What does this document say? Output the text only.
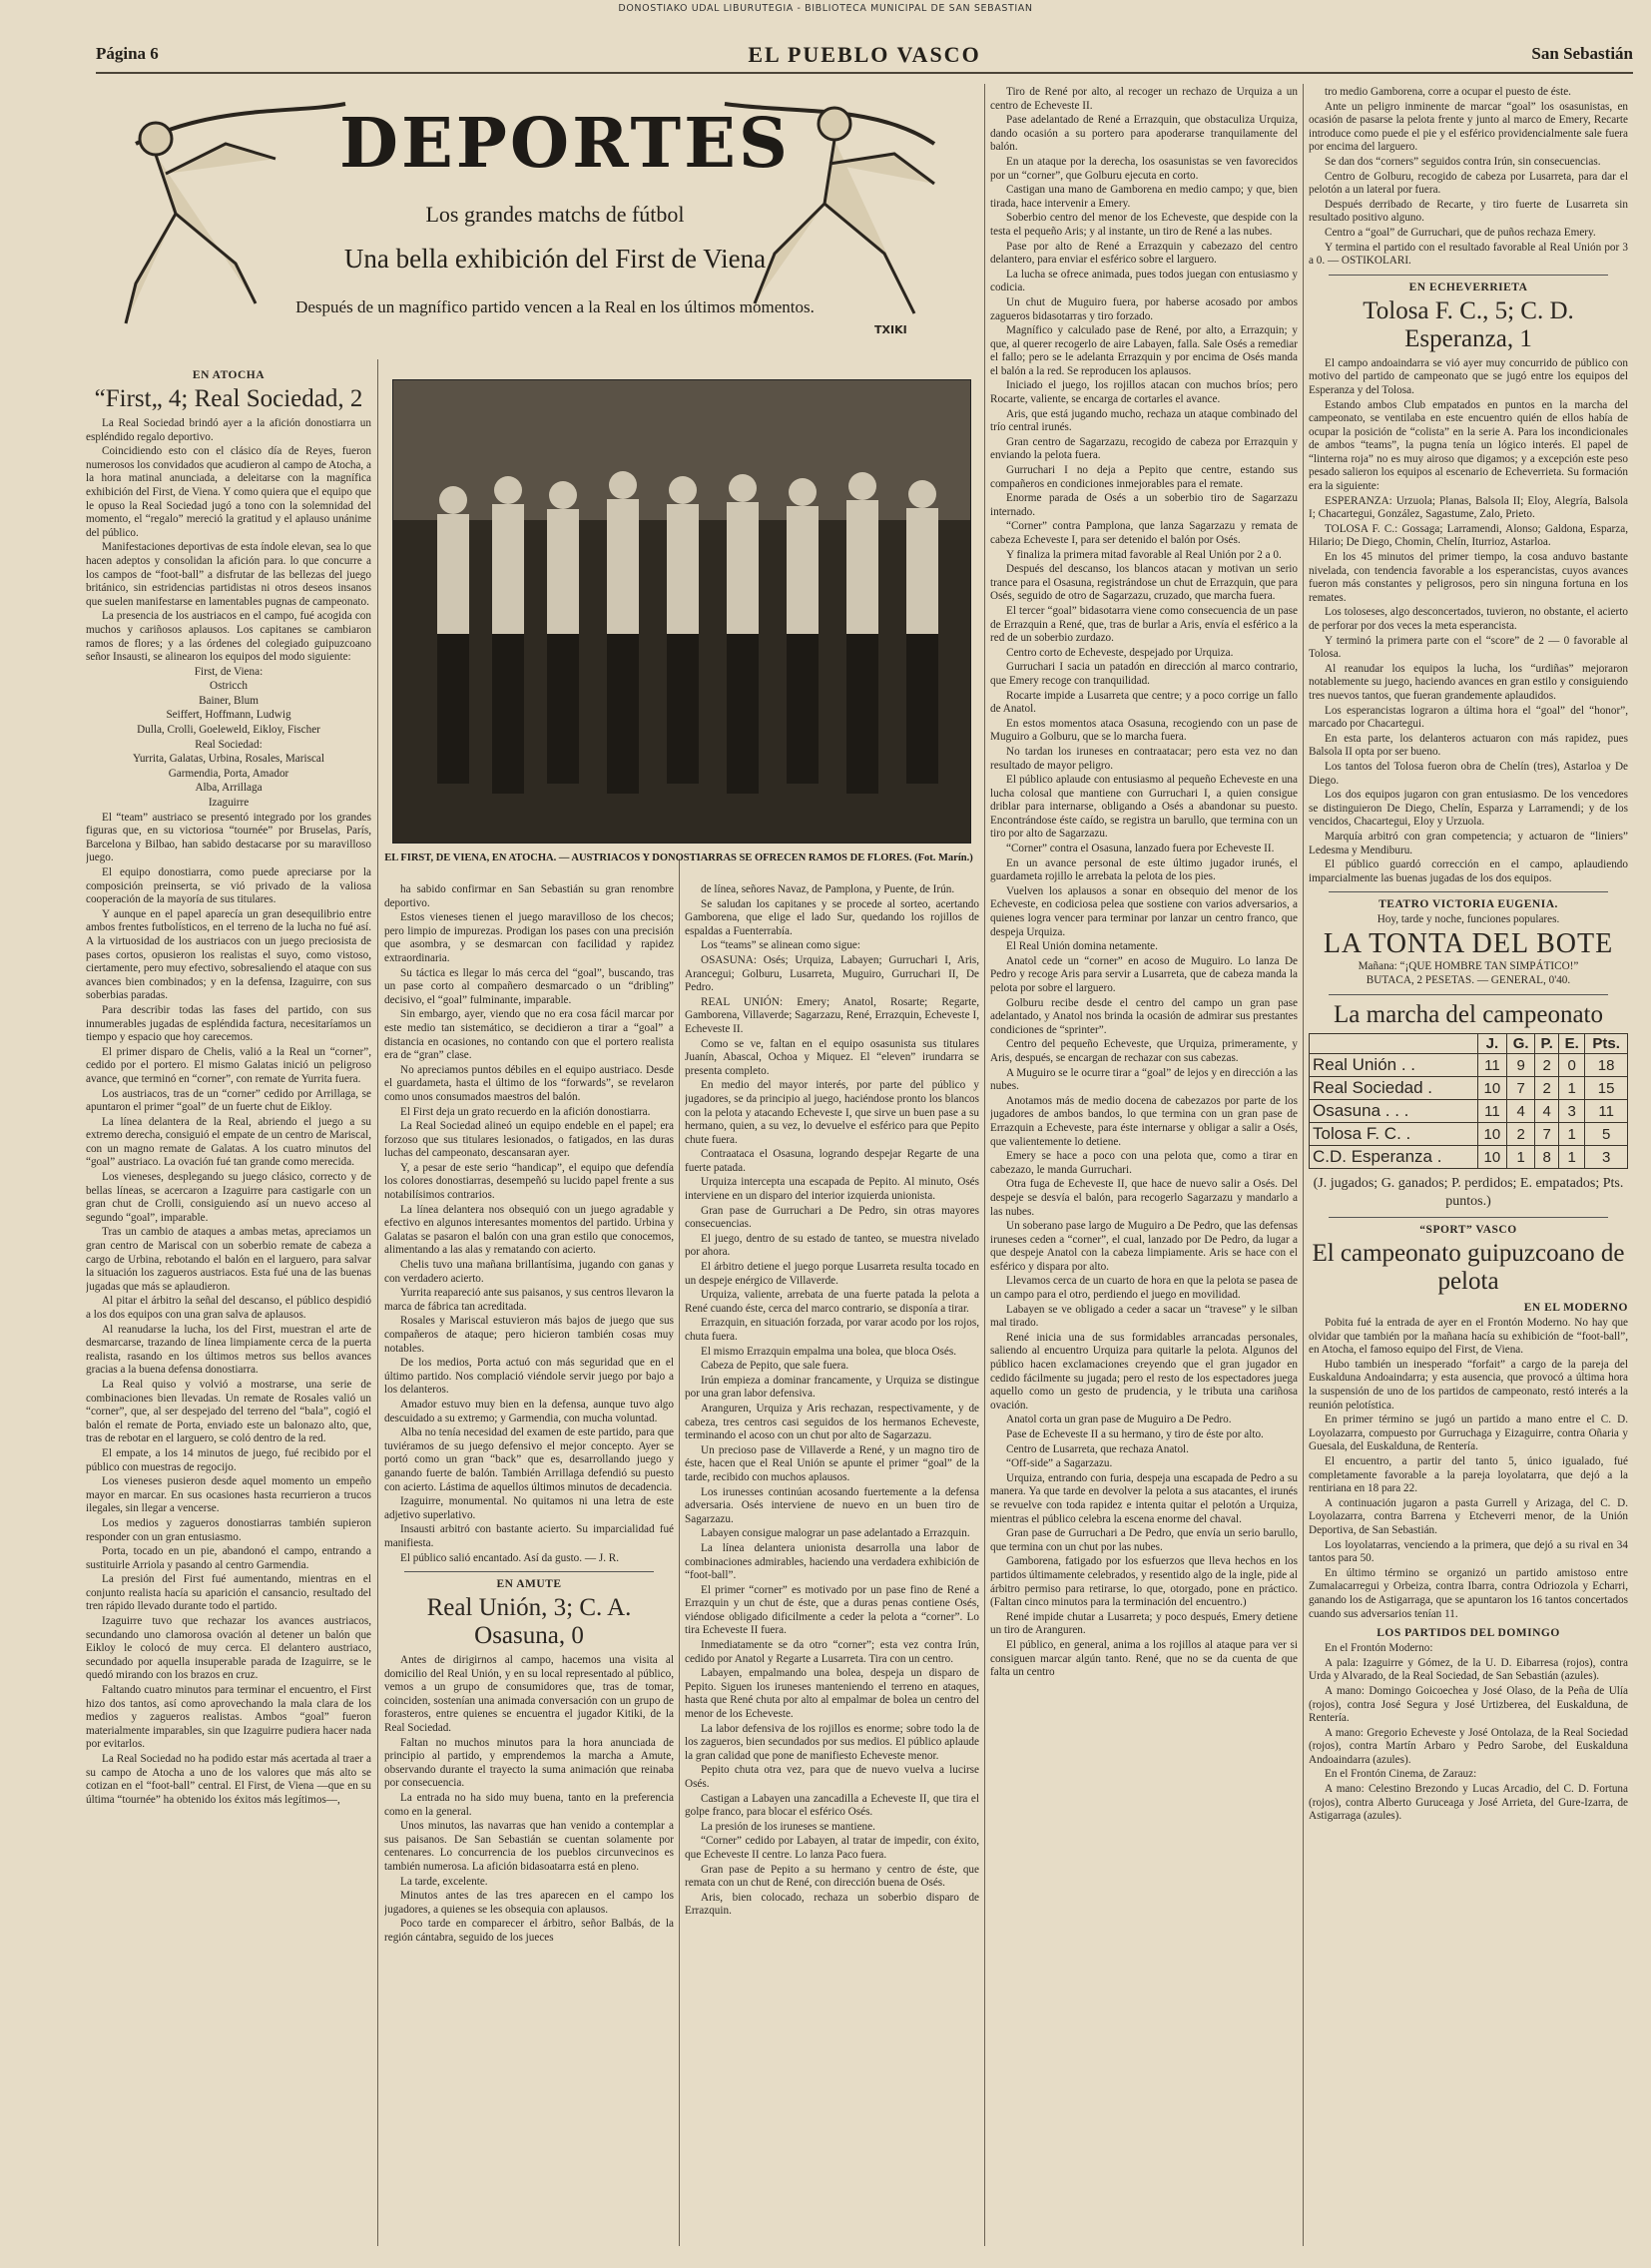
DONOSTIAKO UDAL LIBURUTEGIA - BIBLIOTECA MUNICIPAL DE SAN SEBASTIAN
Página 6	EL PUEBLO VASCO	San Sebastián
TXIKI
DEPORTES
Los grandes matchs de fútbol
Una bella exhibición del First de Viena
Después de un magnífico partido vencen a la Real en los últimos momentos.
EN ATOCHA
“First„ 4; Real Sociedad, 2

La Real Sociedad brindó ayer a la afición donostiarra un espléndido regalo deportivo.

Coincidiendo esto con el clásico día de Reyes, fueron numerosos los convidados que acudieron al campo de Atocha, a la hora matinal anunciada, a deleitarse con la magnífica exhibición del First, de Viena. Y como quiera que el equipo que le opuso la Real Sociedad jugó a tono con la solemnidad del momento, el “regalo” mereció la gratitud y el aplauso unánime del público.

Manifestaciones deportivas de esta índole elevan, sea lo que hacen adeptos y consolidan la afición para. lo que concurre a los campos de “foot-ball” a disfrutar de las bellezas del juego británico, sin estridencias partidistas ni otros deseos insanos que suelen manifestarse en lamentables pugnas de campeonato.

La presencia de los austriacos en el campo, fué acogida con muchos y cariñosos aplausos. Los capitanes se cambiaron ramos de flores; y a las órdenes del colegiado guipuzcoano señor Insausti, se alinearon los equipos del modo siguiente:

First, de Viena:

Ostricch

Bainer, Blum

Seiffert, Hoffmann, Ludwig

Dulla, Crolli, Goeleweld, Eikloy, Fischer

Real Sociedad:

Yurrita, Galatas, Urbina, Rosales, Mariscal

Garmendia, Porta, Amador

Alba, Arrillaga

Izaguirre

El “team” austriaco se presentó integrado por los grandes figuras que, en su victoriosa “tournée” por Bruselas, París, Barcelona y Bilbao, han sabido destacarse por su maravilloso juego.

El equipo donostiarra, como puede apreciarse por la composición preinserta, se vió privado de la valiosa cooperación de la mayoría de sus titulares.

Y aunque en el papel aparecía un gran desequilibrio entre ambos frentes futbolísticos, en el terreno de la lucha no fué así. A la virtuosidad de los austriacos con un juego preciosista de pases cortos, opusieron los realistas el suyo, como vistoso, ciertamente, pero muy efectivo, sobresaliendo el ataque con sus avances bien combinados; y en la defensa, Izaguirre, con sus soberbias paradas.

Para describir todas las fases del partido, con sus innumerables jugadas de espléndida factura, necesitaríamos un tiempo y espacio que hoy carecemos.

El primer disparo de Chelis, valió a la Real un “corner”, cedido por el portero. El mismo Galatas inició un peligroso avance, que terminó en “corner”, con remate de Yurrita fuera.

Los austriacos, tras de un “corner” cedido por Arrillaga, se apuntaron el primer “goal” de un fuerte chut de Eikloy.

La línea delantera de la Real, abriendo el juego a su extremo derecha, consiguió el empate de un centro de Mariscal, con un magno remate de Galatas. A los cuatro minutos del “goal” austriaco. La ovación fué tan grande como merecida.

Los vieneses, desplegando su juego clásico, correcto y de bellas líneas, se acercaron a Izaguirre para castigarle con un gran chut de Crolli, consiguiendo así un nuevo acceso al segundo “goal”, imparable.

Tras un cambio de ataques a ambas metas, apreciamos un gran centro de Mariscal con un soberbio remate de cabeza a cargo de Urbina, rebotando el balón en el larguero, para salvar la situación los zagueros austriacos. Esta fué una de las buenas jugadas que más se aplaudieron.

Al pitar el árbitro la señal del descanso, el público despidió a los dos equipos con una gran salva de aplausos.

Al reanudarse la lucha, los del First, muestran el arte de desmarcarse, trazando de línea limpiamente cerca de la puerta realista, rasando en los últimos metros sus bellos avances gracias a la buena defensa donostiarra.

La Real quiso y volvió a mostrarse, una serie de combinaciones bien llevadas. Un remate de Rosales valió un “corner”, que, al ser despejado del terreno del “bala”, cogió el balón el remate de Porta, enviado este un balonazo alto, que, tras de rebotar en el larguero, se coló dentro de la red.

El empate, a los 14 minutos de juego, fué recibido por el público con muestras de regocijo.

Los vieneses pusieron desde aquel momento un empeño mayor en marcar. En sus ocasiones hasta recurrieron a trucos ilegales, sin llegar a vencerse.

Los medios y zagueros donostiarras también supieron responder con un gran entusiasmo.

Porta, tocado en un pie, abandonó el campo, entrando a sustituirle Arriola y pasando al centro Garmendia.

La presión del First fué aumentando, mientras en el conjunto realista hacía su aparición el cansancio, resultado del tren rápido llevado durante todo el partido.

Izaguirre tuvo que rechazar los avances austriacos, secundando uno clamorosa ovación al detener un balón que Eikloy le colocó de muy cerca. El delantero austriaco, secundado por aquella insuperable parada de Izaguirre, se le quedó mirando con los brazos en cruz.

Faltando cuatro minutos para terminar el encuentro, el First hizo dos tantos, así como aprovechando la mala clara de los medios y zagueros realistas. Ambos “goal” fueron materialmente imparables, sin que Izaguirre pudiera hacer nada por evitarlos.

La Real Sociedad no ha podido estar más acertada al traer a su campo de Atocha a uno de los valores que más alto se cotizan en el “foot-ball” central. El First, de Viena —que en su última “tournée” ha obtenido los éxitos más legítimos—,

EL FIRST, DE VIENA, EN ATOCHA. — AUSTRIACOS Y DONOSTIARRAS SE OFRECEN RAMOS DE FLORES. (Fot. Marín.)

ha sabido confirmar en San Sebastián su gran renombre deportivo.

Estos vieneses tienen el juego maravilloso de los checos; pero limpio de impurezas. Prodigan los pases con una precisión que asombra, y se desmarcan con facilidad y rapidez extraordinaria.

Su táctica es llegar lo más cerca del “goal”, buscando, tras un pase corto al compañero desmarcado o un “dribling” decisivo, el “goal” fulminante, imparable.

Sin embargo, ayer, viendo que no era cosa fácil marcar por este medio tan sistemático, se decidieron a tirar a “goal” a distancia en ocasiones, no contando con que el portero realista era de “gran” clase.

No apreciamos puntos débiles en el equipo austriaco. Desde el guardameta, hasta el último de los “forwards”, se revelaron como unos consumados maestros del balón.

El First deja un grato recuerdo en la afición donostiarra.

La Real Sociedad alineó un equipo endeble en el papel; era forzoso que sus titulares lesionados, o fatigados, en las duras luchas del campeonato, descansaran ayer.

Y, a pesar de este serio “handicap”, el equipo que defendía los colores donostiarras, desempeñó su lucido papel frente a sus notabilísimos contrarios.

La línea delantera nos obsequió con un juego agradable y efectivo en algunos interesantes momentos del partido. Urbina y Galatas se pasaron el balón con una gran estilo que conocemos, alimentando a las alas y rematando con acierto.

Chelis tuvo una mañana brillantísima, jugando con ganas y con verdadero acierto.

Yurrita reapareció ante sus paisanos, y sus centros llevaron la marca de fábrica tan acreditada.

Rosales y Mariscal estuvieron más bajos de juego que sus compañeros de ataque; pero hicieron también cosas muy notables.

De los medios, Porta actuó con más seguridad que en el último partido. Nos complació viéndole servir juego por bajo a los delanteros.

Amador estuvo muy bien en la defensa, aunque tuvo algo descuidado a su extremo; y Garmendia, con mucha voluntad.

Alba no tenía necesidad del examen de este partido, para que tuviéramos de su juego defensivo el mejor concepto. Ayer se portó como un gran “back” que es, desarrollando juego y ganando fuerte de balón. También Arrillaga defendió su puesto con acierto. Lástima de aquellos últimos minutos de decadencia.

Izaguirre, monumental. No quitamos ni una letra de este adjetivo superlativo.

Insausti arbitró con bastante acierto. Su imparcialidad fué manifiesta.

El público salió encantado. Así da gusto. — J. R.

EN AMUTE
Real Unión, 3; C. A. Osasuna, 0

Antes de dirigirnos al campo, hacemos una visita al domicilio del Real Unión, y en su local representado al público, vemos a un grupo de consumidores que, tras de tomar, coinciden, sostenían una animada conversación con un grupo de forasteros, entre quienes se encuentra el jugador Kitiki, de la Real Sociedad.

Faltan no muchos minutos para la hora anunciada de principio al partido, y emprendemos la marcha a Amute, observando durante el trayecto la suma animación que reinaba por consecuencia.

La entrada no ha sido muy buena, tanto en la preferencia como en la general.

Unos minutos, las navarras que han venido a contemplar a sus paisanos. De San Sebastián se cuentan solamente por centenares. Lo concurrencia de los pueblos circunvecinos es también numerosa. La afición bidasoatarra está en pleno.

La tarde, excelente.

Minutos antes de las tres aparecen en el campo los jugadores, a quienes se les obsequia con aplausos.

Poco tarde en comparecer el árbitro, señor Balbás, de la región cántabra, seguido de los jueces

de línea, señores Navaz, de Pamplona, y Puente, de Irún.

Se saludan los capitanes y se procede al sorteo, acertando Gamborena, que elige el lado Sur, quedando los rojillos de espaldas a Fuenterrabía.

Los “teams” se alinean como sigue:

OSASUNA: Osés; Urquiza, Labayen; Gurruchari I, Aris, Arancegui; Golburu, Lusarreta, Muguiro, Gurruchari II, De Pedro.

REAL UNIÓN: Emery; Anatol, Rosarte; Regarte, Gamborena, Villaverde; Sagarzazu, René, Errazquin, Echeveste I, Echeveste II.

Como se ve, faltan en el equipo osasunista sus titulares Juanín, Abascal, Ochoa y Miquez. El “eleven” irundarra se presenta completo.

En medio del mayor interés, por parte del público y jugadores, se da principio al juego, haciéndose pronto los blancos con la pelota y atacando Echeveste I, que sirve un buen pase a su hermano, quien, a su vez, lo devuelve el esférico para que Pepito chute fuera.

Contraataca el Osasuna, logrando despejar Regarte de una fuerte patada.

Urquiza intercepta una escapada de Pepito. Al minuto, Osés interviene en un disparo del interior izquierda unionista.

Gran pase de Gurruchari a De Pedro, sin otras mayores consecuencias.

El juego, dentro de su estado de tanteo, se muestra nivelado por ahora.

El árbitro detiene el juego porque Lusarreta resulta tocado en un despeje enérgico de Villaverde.

Urquiza, valiente, arrebata de una fuerte patada la pelota a René cuando éste, cerca del marco contrario, se disponía a tirar.

Errazquin, en situación forzada, por varar acodo por los rojos, chuta fuera.

El mismo Errazquin empalma una bolea, que bloca Osés.

Cabeza de Pepito, que sale fuera.

Irún empieza a dominar francamente, y Urquiza se distingue por una gran labor defensiva.

Aranguren, Urquiza y Aris rechazan, respectivamente, y de cabeza, tres centros casi seguidos de los hermanos Echeveste, terminando el acoso con un chut por alto de Sagarzazu.

Un precioso pase de Villaverde a René, y un magno tiro de éste, hacen que el Real Unión se apunte el primer “goal” de la tarde, recibido con muchos aplausos.

Los irunesses continúan acosando fuertemente a la defensa adversaria. Osés interviene de nuevo en un buen tiro de Sagarzazu.

Labayen consigue malograr un pase adelantado a Errazquin.

La línea delantera unionista desarrolla una labor de combinaciones admirables, haciendo una verdadera exhibición de “foot-ball”.

El primer “corner” es motivado por un pase fino de René a Errazquin y un chut de éste, que a duras penas contiene Osés, viéndose obligado dificilmente a ceder la pelota a “corner”. Lo tira Echeveste II fuera.

Inmediatamente se da otro “corner”; esta vez contra Irún, cedido por Anatol y Regarte a Lusarreta. Tira con un centro.

Labayen, empalmando una bolea, despeja un disparo de Pepito. Siguen los iruneses manteniendo el terreno en ataques, hasta que René chuta por alto al empalmar de bolea un centro del menor de los Echeveste.

La labor defensiva de los rojillos es enorme; sobre todo la de los zagueros, bien secundados por sus medios. El público aplaude la gran calidad que pone de manifiesto Echeveste menor.

Pepito chuta otra vez, para que de nuevo vuelva a lucirse Osés.

Castigan a Labayen una zancadilla a Echeveste II, que tira el golpe franco, para blocar el esférico Osés.

La presión de los iruneses se mantiene.

“Corner” cedido por Labayen, al tratar de impedir, con éxito, que Echeveste II centre. Lo lanza Paco fuera.

Gran pase de Pepito a su hermano y centro de éste, que remata con un chut de René, con dirección buena de Osés.

Aris, bien colocado, rechaza un soberbio disparo de Errazquin.

Tiro de René por alto, al recoger un rechazo de Urquiza a un centro de Echeveste II.

Pase adelantado de René a Errazquin, que obstaculiza Urquiza, dando ocasión a su portero para apoderarse tranquilamente del balón.

En un ataque por la derecha, los osasunistas se ven favorecidos por un “corner”, que Golburu ejecuta en corto.

Castigan una mano de Gamborena en medio campo; y que, bien tirada, hace intervenir a Emery.

Soberbio centro del menor de los Echeveste, que despide con la testa el pequeño Aris; y al instante, un tiro de René a las nubes.

Pase por alto de René a Errazquin y cabezazo del centro delantero, para enviar el esférico sobre el larguero.

La lucha se ofrece animada, pues todos juegan con entusiasmo y codicia.

Un chut de Muguiro fuera, por haberse acosado por ambos zagueros bidasotarras y tiro forzado.

Magnífico y calculado pase de René, por alto, a Errazquin; y que, al querer recogerlo de aire Labayen, falla. Sale Osés a remediar el fallo; pero se le adelanta Errazquin y por encima de Osés manda el balón a la red. Se reproducen los aplausos.

Iniciado el juego, los rojillos atacan con muchos bríos; pero Rocarte, valiente, se encarga de cortarles el avance.

Aris, que está jugando mucho, rechaza un ataque combinado del trío central irunés.

Gran centro de Sagarzazu, recogido de cabeza por Errazquin y enviando la pelota fuera.

Gurruchari I no deja a Pepito que centre, estando sus compañeros en condiciones inmejorables para el remate.

Enorme parada de Osés a un soberbio tiro de Sagarzazu internado.

“Corner” contra Pamplona, que lanza Sagarzazu y remata de cabeza Echeveste I, para ser detenido el balón por Osés.

Y finaliza la primera mitad favorable al Real Unión por 2 a 0.

Después del descanso, los blancos atacan y motivan un serio trance para el Osasuna, registrándose un chut de Errazquin, que para Osés, seguido de otro de Sagarzazu, cruzado, que marcha fuera.

El tercer “goal” bidasotarra viene como consecuencia de un pase de Errazquin a René, que, tras de burlar a Aris, envía el esférico a la red de un soberbio zurdazo.

Centro corto de Echeveste, despejado por Urquiza.

Gurruchari I sacia un patadón en dirección al marco contrario, que Emery recoge con tranquilidad.

Rocarte impide a Lusarreta que centre; y a poco corrige un fallo de Anatol.

En estos momentos ataca Osasuna, recogiendo con un pase de Muguiro a Golburu, que se lo marcha fuera.

No tardan los iruneses en contraatacar; pero esta vez no dan resultado de mayor peligro.

El público aplaude con entusiasmo al pequeño Echeveste en una lucha colosal que mantiene con Gurruchari I, a quien consigue driblar para internarse, obligando a Osés a abandonar su puesto. Encontrándose éste caído, se registra un barullo, que termina con un tiro por alto de Sagarzazu.

“Corner” contra el Osasuna, lanzado fuera por Echeveste II.

En un avance personal de este último jugador irunés, el guardameta rojillo le arrebata la pelota de los pies.

Vuelven los aplausos a sonar en obsequio del menor de los Echeveste, en codiciosa pelea que sostiene con varios adversarios, a quienes logra vencer para terminar por lanzar un centro franco, que despeja Urquiza.

El Real Unión domina netamente.

Anatol cede un “corner” en acoso de Muguiro. Lo lanza De Pedro y recoge Aris para servir a Lusarreta, que de cabeza manda la pelota por sobre el larguero.

Golburu recibe desde el centro del campo un gran pase adelantado, y Anatol nos brinda la ocasión de admirar sus prestantes condiciones de “sprinter”.

Centro del pequeño Echeveste, que Urquiza, primeramente, y Aris, después, se encargan de rechazar con sus cabezas.

A Muguiro se le ocurre tirar a “goal” de lejos y en dirección a las nubes.

Anotamos más de medio docena de cabezazos por parte de los jugadores de ambos bandos, lo que termina con un gran pase de Errazquin a Echeveste, para éste internarse y obligar a salir a Osés, que valientemente lo detiene.

Emery se hace a poco con una pelota que, como a tirar en cabezazo, le manda Gurruchari.

Otra fuga de Echeveste II, que hace de nuevo salir a Osés. Del despeje se desvía el balón, para recogerlo Sagarzazu y mandarlo a las nubes.

Un soberano pase largo de Muguiro a De Pedro, que las defensas iruneses ceden a “corner”, el cual, lanzado por De Pedro, da lugar a que despeje Anatol con la cabeza limpiamente. Aris se hace con el esférico y dispara por alto.

Llevamos cerca de un cuarto de hora en que la pelota se pasea de un campo para el otro, perdiendo el juego en movilidad.

Labayen se ve obligado a ceder a sacar un “travese” y le silban mal tirado.

René inicia una de sus formidables arrancadas personales, saliendo al encuentro Urquiza para quitarle la pelota. Algunos del público hacen exclamaciones creyendo que el gran jugador en cedido fácilmente su jugada; pero el resto de los espectadores juega aquello como un gesto de prudencia, y le tributa una cariñosa ovación.

Anatol corta un gran pase de Muguiro a De Pedro.

Pase de Echeveste II a su hermano, y tiro de éste por alto.

Centro de Lusarreta, que rechaza Anatol.

“Off-side” a Sagarzazu.

Urquiza, entrando con furia, despeja una escapada de Pedro a su manera. Ya que tarde en devolver la pelota a sus atacantes, el irunés se revuelve con toda rapidez e intenta quitar el pelotón a Urquiza, mientras el público celebra la escena enorme del chaval.

Gran pase de Gurruchari a De Pedro, que envía un serio barullo, que termina con un chut por las nubes.

Gamborena, fatigado por los esfuerzos que lleva hechos en los partidos últimamente celebrados, y resentido algo de la ingle, pide al árbitro permiso para retirarse, lo que, otorgado, pone en práctico. (Faltan cinco minutos para la terminación del encuentro.)

René impide chutar a Lusarreta; y poco después, Emery detiene un tiro de Aranguren.

El público, en general, anima a los rojillos al ataque para ver si consiguen marcar algún tanto. René, que no se da cuenta de que falta un centro

tro medio Gamborena, corre a ocupar el puesto de éste.

Ante un peligro inminente de marcar “goal” los osasunistas, en ocasión de pasarse la pelota frente y junto al marco de Emery, Recarte introduce como puede el pie y el esférico providencialmente sale fuera por encima del larguero.

Se dan dos “corners” seguidos contra Irún, sin consecuencias.

Centro de Golburu, recogido de cabeza por Lusarreta, para dar el pelotón a un lateral por fuera.

Después derribado de Recarte, y tiro fuerte de Lusarreta sin resultado positivo alguno.

Centro a “goal” de Gurruchari, que de puños rechaza Emery.

Y termina el partido con el resultado favorable al Real Unión por 3 a 0. — OSTIKOLARI.

EN ECHEVERRIETA
Tolosa F. C., 5; C. D. Esperanza, 1

El campo andoaindarra se vió ayer muy concurrido de público con motivo del partido de campeonato que se jugó entre los equipos del Esperanza y del Tolosa.

Estando ambos Club empatados en puntos en la marcha del campeonato, se ventilaba en este encuentro quién de ellos había de ocupar la posición de “colista” en la serie A. Para los incondicionales de ambos “teams”, la pugna tenía un lógico interés. El papel de “linterna roja” no es muy airoso que digamos; y a excepción este peso pesado salieron los equipos al escenario de Echeverrieta. Su formación era la siguiente:

ESPERANZA: Urzuola; Planas, Balsola II; Eloy, Alegría, Balsola I; Chacartegui, González, Sagastume, Zalo, Prieto.

TOLOSA F. C.: Gossaga; Larramendi, Alonso; Galdona, Esparza, Hilario; De Diego, Chomin, Chelín, Iturrioz, Astarloa.

En los 45 minutos del primer tiempo, la cosa anduvo bastante nivelada, con tendencia favorable a los esperancistas, cuyos avances fueron más constantes y peligrosos, pero sin ninguna fortuna en los remates.

Los toloseses, algo desconcertados, tuvieron, no obstante, el acierto de perforar por dos veces la meta esperancista.

Y terminó la primera parte con el “score” de 2 — 0 favorable al Tolosa.

Al reanudar los equipos la lucha, los “urdiñas” mejoraron notablemente su juego, haciendo avances en gran estilo y consiguiendo tres nuevos tantos, que fueran grandemente aplaudidos.

Los esperancistas lograron a última hora el “goal” del “honor”, marcado por Chacartegui.

En esta parte, los delanteros actuaron con más rapidez, pues Balsola II opta por ser bueno.

Los tantos del Tolosa fueron obra de Chelín (tres), Astarloa y De Diego.

Los dos equipos jugaron con gran entusiasmo. De los vencedores se distinguieron De Diego, Chelín, Esparza y Larramendi; y de los vencidos, Chacartegui, Eloy y Urzuola.

Marquía arbitró con gran competencia; y actuaron de “liniers” Ledesma y Mendiburu.

El público guardó corrección en el campo, aplaudiendo imparcialmente las buenas jugadas de los dos equipos.

TEATRO VICTORIA EUGENIA.

Hoy, tarde y noche, funciones populares.

LA TONTA DEL BOTE

Mañana: “¡QUE HOMBRE TAN SIMPÁTICO!”

BUTACA, 2 PESETAS. — GENERAL, 0'40.

La marcha del campeonato
	J.	G.	P.	E.	Pts.
Real Unión . .	11	9	2	0	18
Real Sociedad .	10	7	2	1	15
Osasuna . . .	11	4	4	3	11
Tolosa F. C. .	10	2	7	1	5
C.D. Esperanza .	10	1	8	1	3

(J. jugados; G. ganados; P. perdidos; E. empatados; Pts. puntos.)

“SPORT” VASCO
El campeonato guipuzcoano de pelota
EN EL MODERNO

Pobita fué la entrada de ayer en el Frontón Moderno. No hay que olvidar que también por la mañana hacía su exhibición de “foot-ball”, en Atocha, el famoso equipo del First, de Viena.

Hubo también un inesperado “forfait” a cargo de la pareja del Euskalduna Andoaindarra; y esta ausencia, que provocó a última hora la suspensión de uno de los partidos de campeonato, restó interés a la reunión pelotística.

En primer término se jugó un partido a mano entre el C. D. Loyolazarra, compuesto por Gurruchaga y Eizaguirre, contra Oñaria y Guesala, del Euskalduna, de Rentería.

El encuentro, a partir del tanto 5, único igualado, fué completamente favorable a la pareja loyolatarra, que dejó a la rentiriana en 18 para 22.

A continuación jugaron a pasta Gurrell y Arizaga, del C. D. Loyolazarra, contra Barrena y Etcheverri menor, de la Unión Deportiva, de San Sebastián.

Los loyolatarras, venciendo a la primera, que dejó a su rival en 34 tantos para 50.

En último término se organizó un partido amistoso entre Zumalacarregui y Orbeiza, contra Ibarra, contra Odriozola y Echarri, ganando los de Astigarraga, que se apuntaron los 16 tantos concertados cuando sus adversarios tenían 11.

LOS PARTIDOS DEL DOMINGO

En el Frontón Moderno:

A pala: Izaguirre y Gómez, de la U. D. Eibarresa (rojos), contra Urda y Alvarado, de la Real Sociedad, de San Sebastián (azules).

A mano: Domingo Goicoechea y José Olaso, de la Peña de Ulía (rojos), contra José Segura y José Urtizberea, del Euskalduna, de Rentería.

A mano: Gregorio Echeveste y José Ontolaza, de la Real Sociedad (rojos), contra Martín Arbaro y Pedro Sarobe, del Euskalduna Andoaindarra (azules).

En el Frontón Cinema, de Zarauz:

A mano: Celestino Brezondo y Lucas Arcadio, del C. D. Fortuna (rojos), contra Alberto Guruceaga y José Arrieta, del Gure-Izarra, de Astigarraga (azules).
